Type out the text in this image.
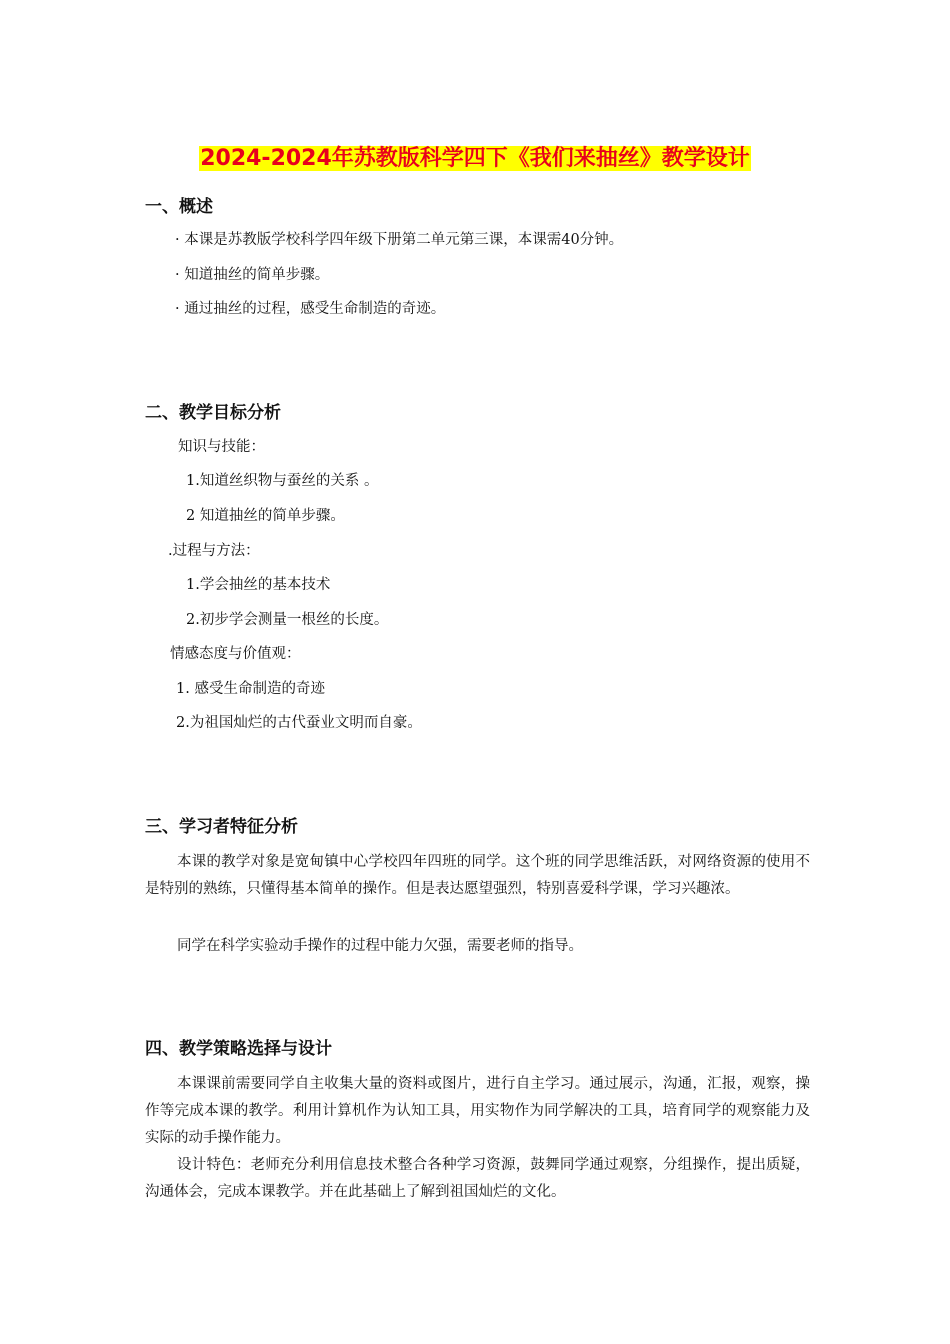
2024-2024年苏教版科学四下《我们来抽丝》教学设计
一、概述
· 本课是苏教版学校科学四年级下册第二单元第三课，本课需40分钟。
· 知道抽丝的简单步骤。
· 通过抽丝的过程，感受生命制造的奇迹。
二、教学目标分析
知识与技能：
1.知道丝织物与蚕丝的关系 。
2 知道抽丝的简单步骤。
.过程与方法：
1.学会抽丝的基本技术
2.初步学会测量一根丝的长度。
情感态度与价值观：
1. 感受生命制造的奇迹
2.为祖国灿烂的古代蚕业文明而自豪。
三、学习者特征分析
本课的教学对象是宽甸镇中心学校四年四班的同学。这个班的同学思维活跃，对网络资源的使用不是特别的熟练，只懂得基本简单的操作。但是表达愿望强烈，特别喜爱科学课，学习兴趣浓。
同学在科学实验动手操作的过程中能力欠强，需要老师的指导。
四、教学策略选择与设计
本课课前需要同学自主收集大量的资料或图片，进行自主学习。通过展示，沟通，汇报，观察，操作等完成本课的教学。利用计算机作为认知工具，用实物作为同学解决的工具，培育同学的观察能力及实际的动手操作能力。
设计特色：老师充分利用信息技术整合各种学习资源，鼓舞同学通过观察，分组操作，提出质疑，沟通体会，完成本课教学。并在此基础上了解到祖国灿烂的文化。
